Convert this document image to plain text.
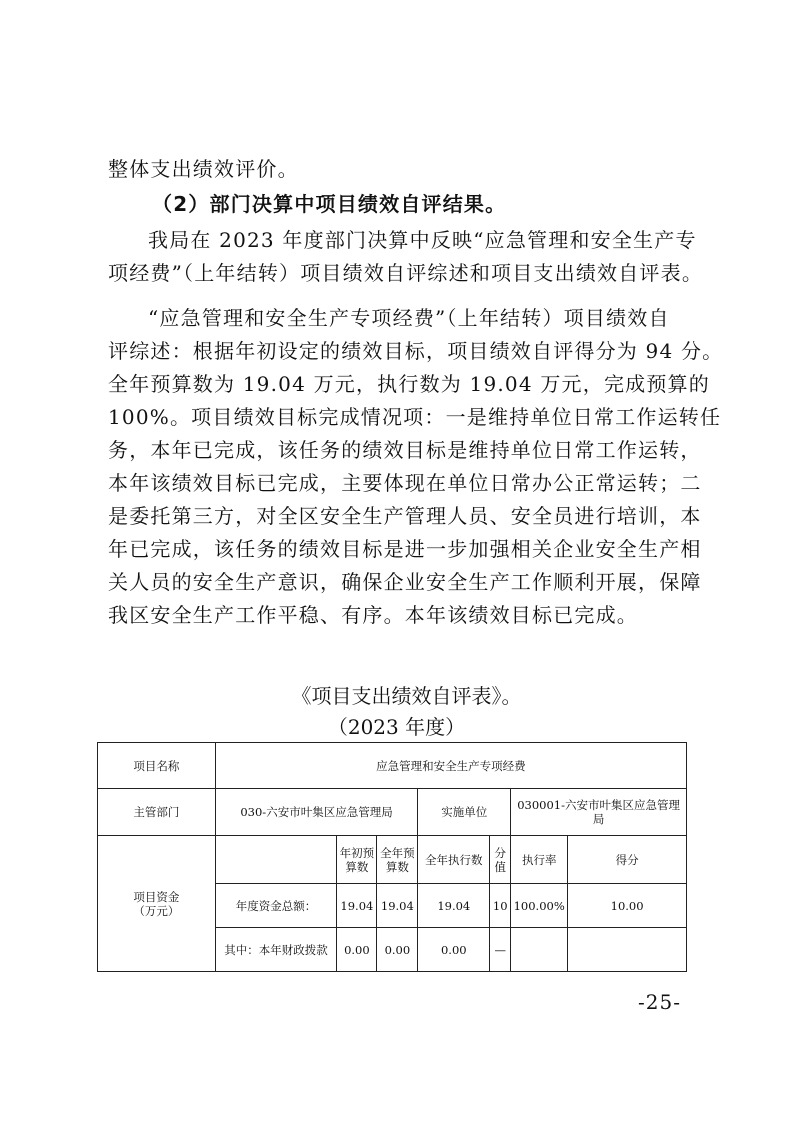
整体支出绩效评价。

（2）部门决算中项目绩效自评结果。

我局在 2023 年度部门决算中反映“应急管理和安全生产专
项经费”（上年结转）项目绩效自评综述和项目支出绩效自评表。

“应急管理和安全生产专项经费”（上年结转）项目绩效自
评综述：根据年初设定的绩效目标，项目绩效自评得分为 94 分。
全年预算数为 19.04 万元，执行数为 19.04 万元，完成预算的
100%。项目绩效目标完成情况项：一是维持单位日常工作运转任
务，本年已完成，该任务的绩效目标是维持单位日常工作运转，
本年该绩效目标已完成，主要体现在单位日常办公正常运转；二
是委托第三方，对全区安全生产管理人员、安全员进行培训，本
年已完成，该任务的绩效目标是进一步加强相关企业安全生产相
关人员的安全生产意识，确保企业安全生产工作顺利开展，保障
我区安全生产工作平稳、有序。本年该绩效目标已完成。

《项目支出绩效自评表》。
（2023 年度）
项目名称	应急管理和安全生产专项经费						
主管部门	030-六安市叶集区应急管理局			实施单位		030001-六安市叶集区应急管理局	

项目资金
（万元）		年初预算数	全年预算数	全年执行数	分值	执行率	得分
	年度资金总额：	19.04	19.04	19.04	10	100.00%	10.00
	其中：本年财政拨款	0.00	0.00	0.00	—		
-25-
